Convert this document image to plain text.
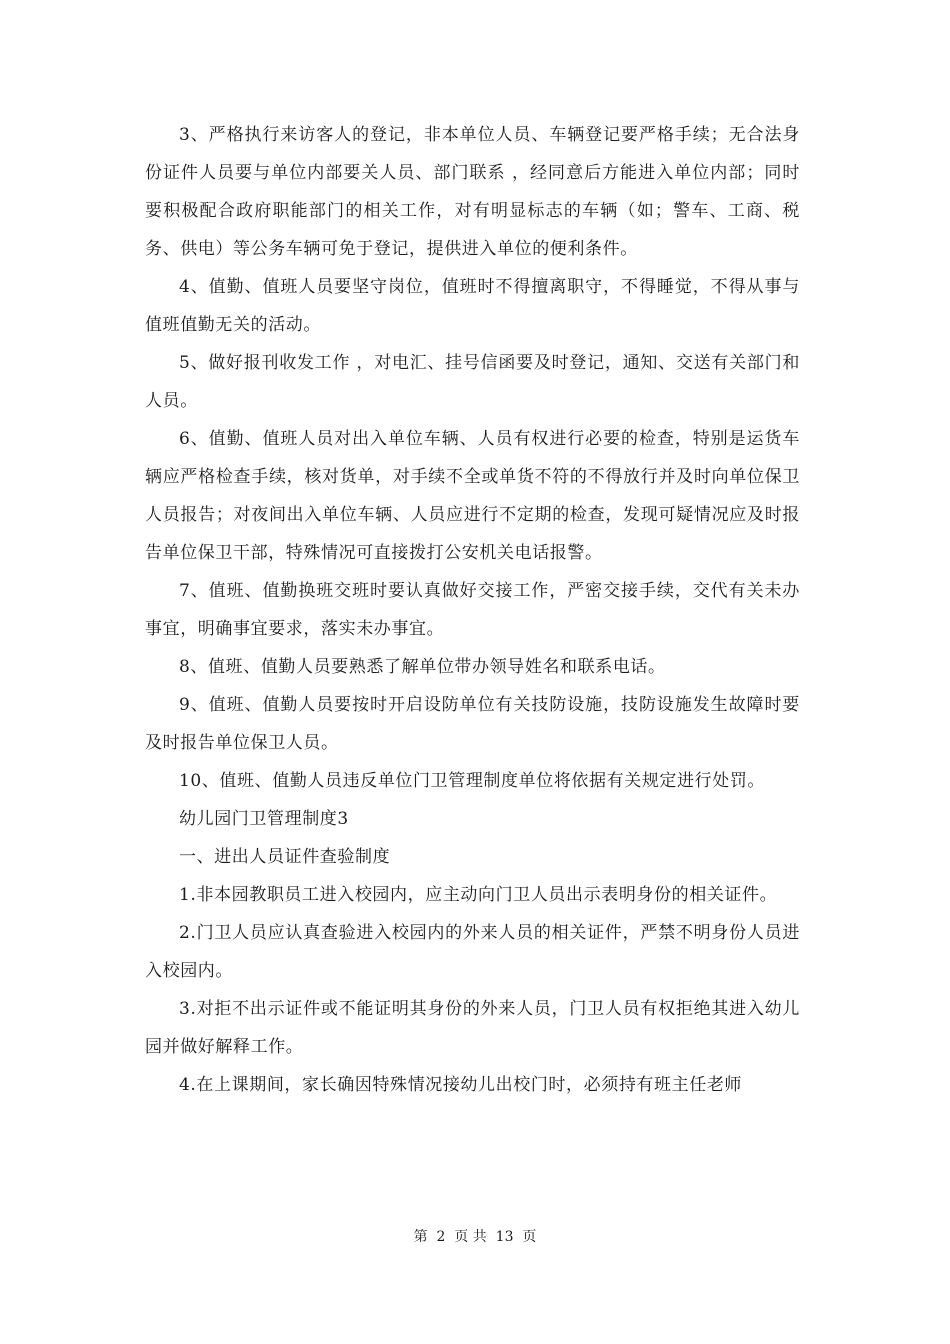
3、严格执行来访客人的登记，非本单位人员、车辆登记要严格手续；无合法身份证件人员要与单位内部要关人员、部门联系 ，经同意后方能进入单位内部；同时要积极配合政府职能部门的相关工作，对有明显标志的车辆（如；警车、工商、税务、供电）等公务车辆可免于登记，提供进入单位的便利条件。

4、值勤、值班人员要坚守岗位，值班时不得擅离职守，不得睡觉，不得从事与值班值勤无关的活动。

5、做好报刊收发工作 ，对电汇、挂号信函要及时登记，通知、交送有关部门和人员。

6、值勤、值班人员对出入单位车辆、人员有权进行必要的检查，特别是运货车辆应严格检查手续，核对货单，对手续不全或单货不符的不得放行并及时向单位保卫人员报告；对夜间出入单位车辆、人员应进行不定期的检查，发现可疑情况应及时报告单位保卫干部，特殊情况可直接拨打公安机关电话报警。

7、值班、值勤换班交班时要认真做好交接工作，严密交接手续，交代有关未办事宜，明确事宜要求，落实未办事宜。

8、值班、值勤人员要熟悉了解单位带办领导姓名和联系电话。

9、值班、值勤人员要按时开启设防单位有关技防设施，技防设施发生故障时要及时报告单位保卫人员。

10、值班、值勤人员违反单位门卫管理制度单位将依据有关规定进行处罚。

幼儿园门卫管理制度3

一、进出人员证件查验制度

1.非本园教职员工进入校园内，应主动向门卫人员出示表明身份的相关证件。

2.门卫人员应认真查验进入校园内的外来人员的相关证件，严禁不明身份人员进入校园内。

3.对拒不出示证件或不能证明其身份的外来人员，门卫人员有权拒绝其进入幼儿园并做好解释工作。

4.在上课期间，家长确因特殊情况接幼儿出校门时，必须持有班主任老师

第  2  页 共  13  页
